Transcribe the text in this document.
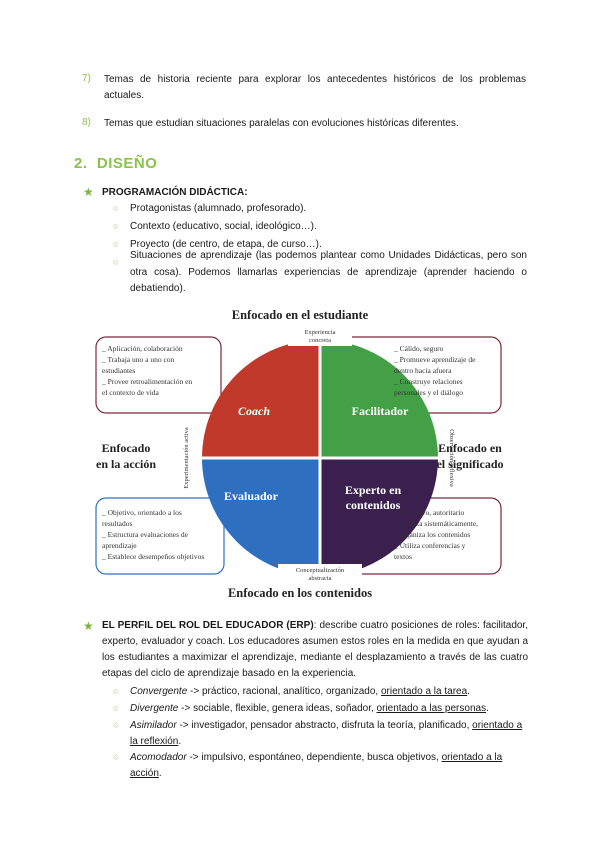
7) Temas de historia reciente para explorar los antecedentes históricos de los problemas actuales.
8) Temas que estudian situaciones paralelas con evoluciones históricas diferentes.
2. DISEÑO
★ PROGRAMACIÓN DIDÁCTICA:
○ Protagonistas (alumnado, profesorado).
○ Contexto (educativo, social, ideológico…).
○ Proyecto (de centro, de etapa, de curso…).
○
Situaciones de aprendizaje (las podemos plantear como Unidades Didácticas, pero son otra cosa). Podemos llamarlas experiencias de aprendizaje (aprender haciendo o debatiendo).
Enfocado en el estudiante
Enfocado en los contenidos
Coach	Facilitador
Evaluador	Experto en
contenidos
Experiencia
concreta
Conceptualización
abstracta
Experimentación activa	Observación reflexiva
Enfocado
en la acción
Enfocado en
el significado
_ Aplicación, colaboración
_ Trabaja uno a uno con
estudiantes
_ Provee retroalimentación en
el contexto de vida
_ Cálido, seguro
_ Promueve aprendizaje de
dentro hacia afuera
_ Construye relaciones
personales y el diálogo
_ Objetivo, orientado a los
resultados
_ Estructura evaluaciones de
aprendizaje
_ Establece desempeños objetivos
_ Reflexivo, autoritario
_ Analiza sistemáticamente,
y organiza los contenidos
_ Utiliza conferencias y
textos
★ EL PERFIL DEL ROL DEL EDUCADOR (ERP): describe cuatro posiciones de roles: facilitador, experto, evaluador y coach. Los educadores asumen estos roles en la medida en que ayudan a los estudiantes a maximizar el aprendizaje, mediante el desplazamiento a través de las cuatro etapas del ciclo de aprendizaje basado en la experiencia.
○ Convergente -> práctico, racional, analítico, organizado, orientado a la tarea.
○ Divergente -> sociable, flexible, genera ideas, soñador, orientado a las personas.
○ Asimilador -> investigador, pensador abstracto, disfruta la teoría, planificado, orientado a la reflexión.
○ Acomodador -> impulsivo, espontáneo, dependiente, busca objetivos, orientado a la acción.
